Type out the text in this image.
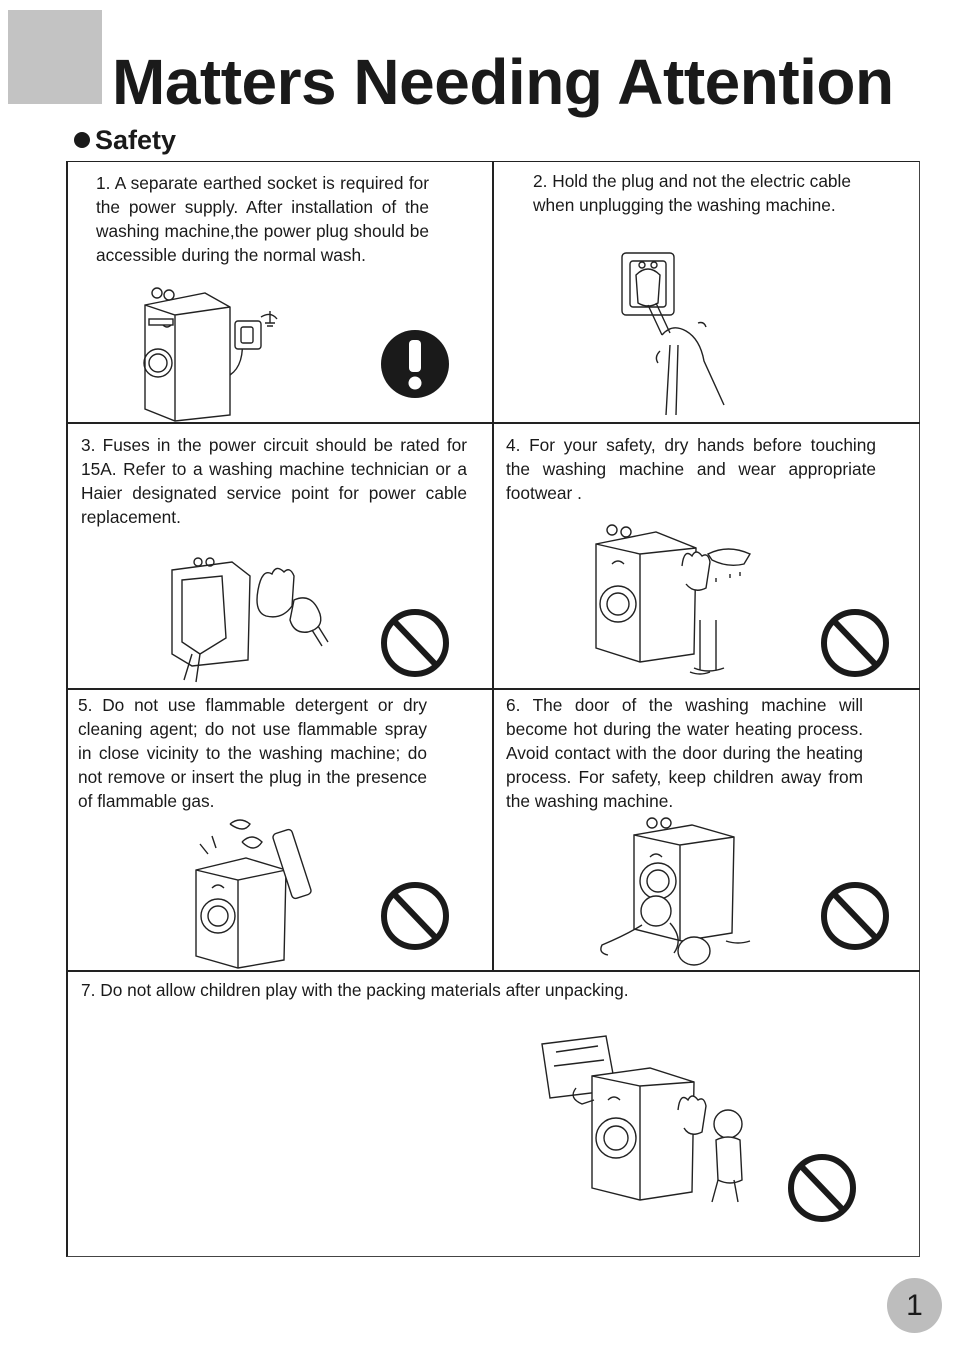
Matters Needing Attention
Safety

1. A separate earthed socket is required for the power supply. After installation of the washing machine,the power plug should be accessible during the normal wash.

2. Hold the plug and not the electric cable when unplugging the washing machine.

3. Fuses in the power circuit should be rated for 15A. Refer to a washing machine technician or a Haier designated service point for power cable replacement.

4. For your safety, dry hands before touching the washing machine and wear appropriate footwear .

5. Do not use flammable detergent or dry cleaning agent; do not use flammable spray in close vicinity to the washing machine; do not remove or insert the plug in the presence of flammable gas.

6. The door of the washing machine will become hot during the water heating process. Avoid contact with the door during the heating process. For safety, keep children away from the washing machine.

7. Do not allow children play with the packing materials after unpacking.

1
